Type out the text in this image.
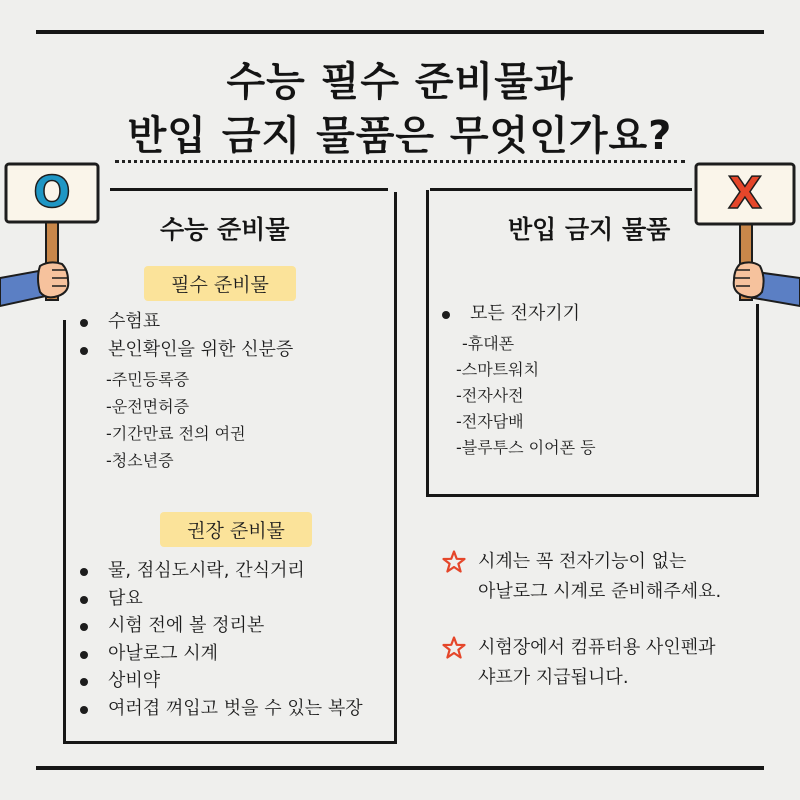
수능 필수 준비물과
반입 금지 물품은 무엇인가요?
O	X
수능 준비물
필수 준비물
수험표
본인확인을 위한 신분증
-주민등록증
-운전면허증
-기간만료 전의 여권
-청소년증
권장 준비물
물, 점심도시락, 간식거리
담요
시험 전에 볼 정리본
아날로그 시계
상비약
여러겹 껴입고 벗을 수 있는 복장
반입 금지 물품
모든 전자기기
-휴대폰
-스마트워치
-전자사전
-전자담배
-블루투스 이어폰 등
시계는 꼭 전자기능이 없는
아날로그 시계로 준비해주세요.
시험장에서 컴퓨터용 사인펜과
샤프가 지급됩니다.
